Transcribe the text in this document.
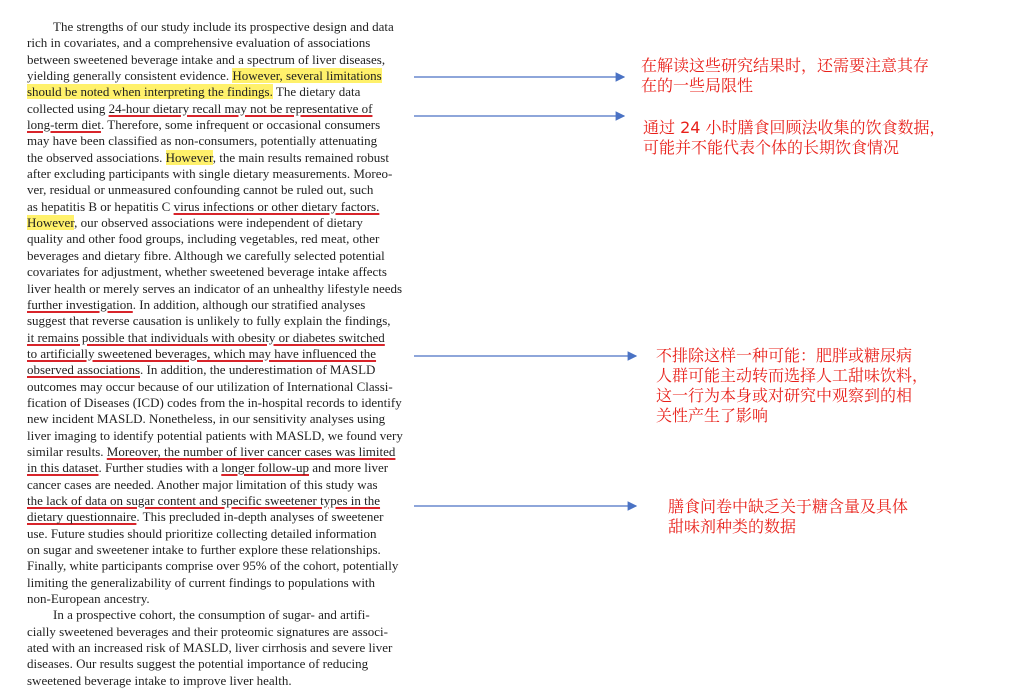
The strengths of our study include its prospective design and data
rich in covariates, and a comprehensive evaluation of associations
between sweetened beverage intake and a spectrum of liver diseases,
yielding generally consistent evidence. However, several limitations
should be noted when interpreting the findings. The dietary data
collected using 24-hour dietary recall may not be representative of
long-term diet. Therefore, some infrequent or occasional consumers
may have been classified as non-consumers, potentially attenuating
the observed associations. However, the main results remained robust
after excluding participants with single dietary measurements. Moreo-
ver, residual or unmeasured confounding cannot be ruled out, such
as hepatitis B or hepatitis C virus infections or other dietary factors.
However, our observed associations were independent of dietary
quality and other food groups, including vegetables, red meat, other
beverages and dietary fibre. Although we carefully selected potential
covariates for adjustment, whether sweetened beverage intake affects
liver health or merely serves an indicator of an unhealthy lifestyle needs
further investigation. In addition, although our stratified analyses
suggest that reverse causation is unlikely to fully explain the findings,
it remains possible that individuals with obesity or diabetes switched
to artificially sweetened beverages, which may have influenced the
observed associations. In addition, the underestimation of MASLD
outcomes may occur because of our utilization of International Classi-
fication of Diseases (ICD) codes from the in-hospital records to identify
new incident MASLD. Nonetheless, in our sensitivity analyses using
liver imaging to identify potential patients with MASLD, we found very
similar results. Moreover, the number of liver cancer cases was limited
in this dataset. Further studies with a longer follow-up and more liver
cancer cases are needed. Another major limitation of this study was
the lack of data on sugar content and specific sweetener types in the
dietary questionnaire. This precluded in-depth analyses of sweetener
use. Future studies should prioritize collecting detailed information
on sugar and sweetener intake to further explore these relationships.
Finally, white participants comprise over 95% of the cohort, potentially
limiting the generalizability of current findings to populations with
non-European ancestry.
In a prospective cohort, the consumption of sugar- and artifi-
cially sweetened beverages and their proteomic signatures are associ-
ated with an increased risk of MASLD, liver cirrhosis and severe liver
diseases. Our results suggest the potential importance of reducing
sweetened beverage intake to improve liver health.
在解读这些研究结果时，还需要注意其存
在的一些局限性
通过 24 小时膳食回顾法收集的饮食数据，
可能并不能代表个体的长期饮食情况
不排除这样一种可能：肥胖或糖尿病
人群可能主动转而选择人工甜味饮料，
这一行为本身或对研究中观察到的相
关性产生了影响
膳食问卷中缺乏关于糖含量及具体
甜味剂种类的数据
